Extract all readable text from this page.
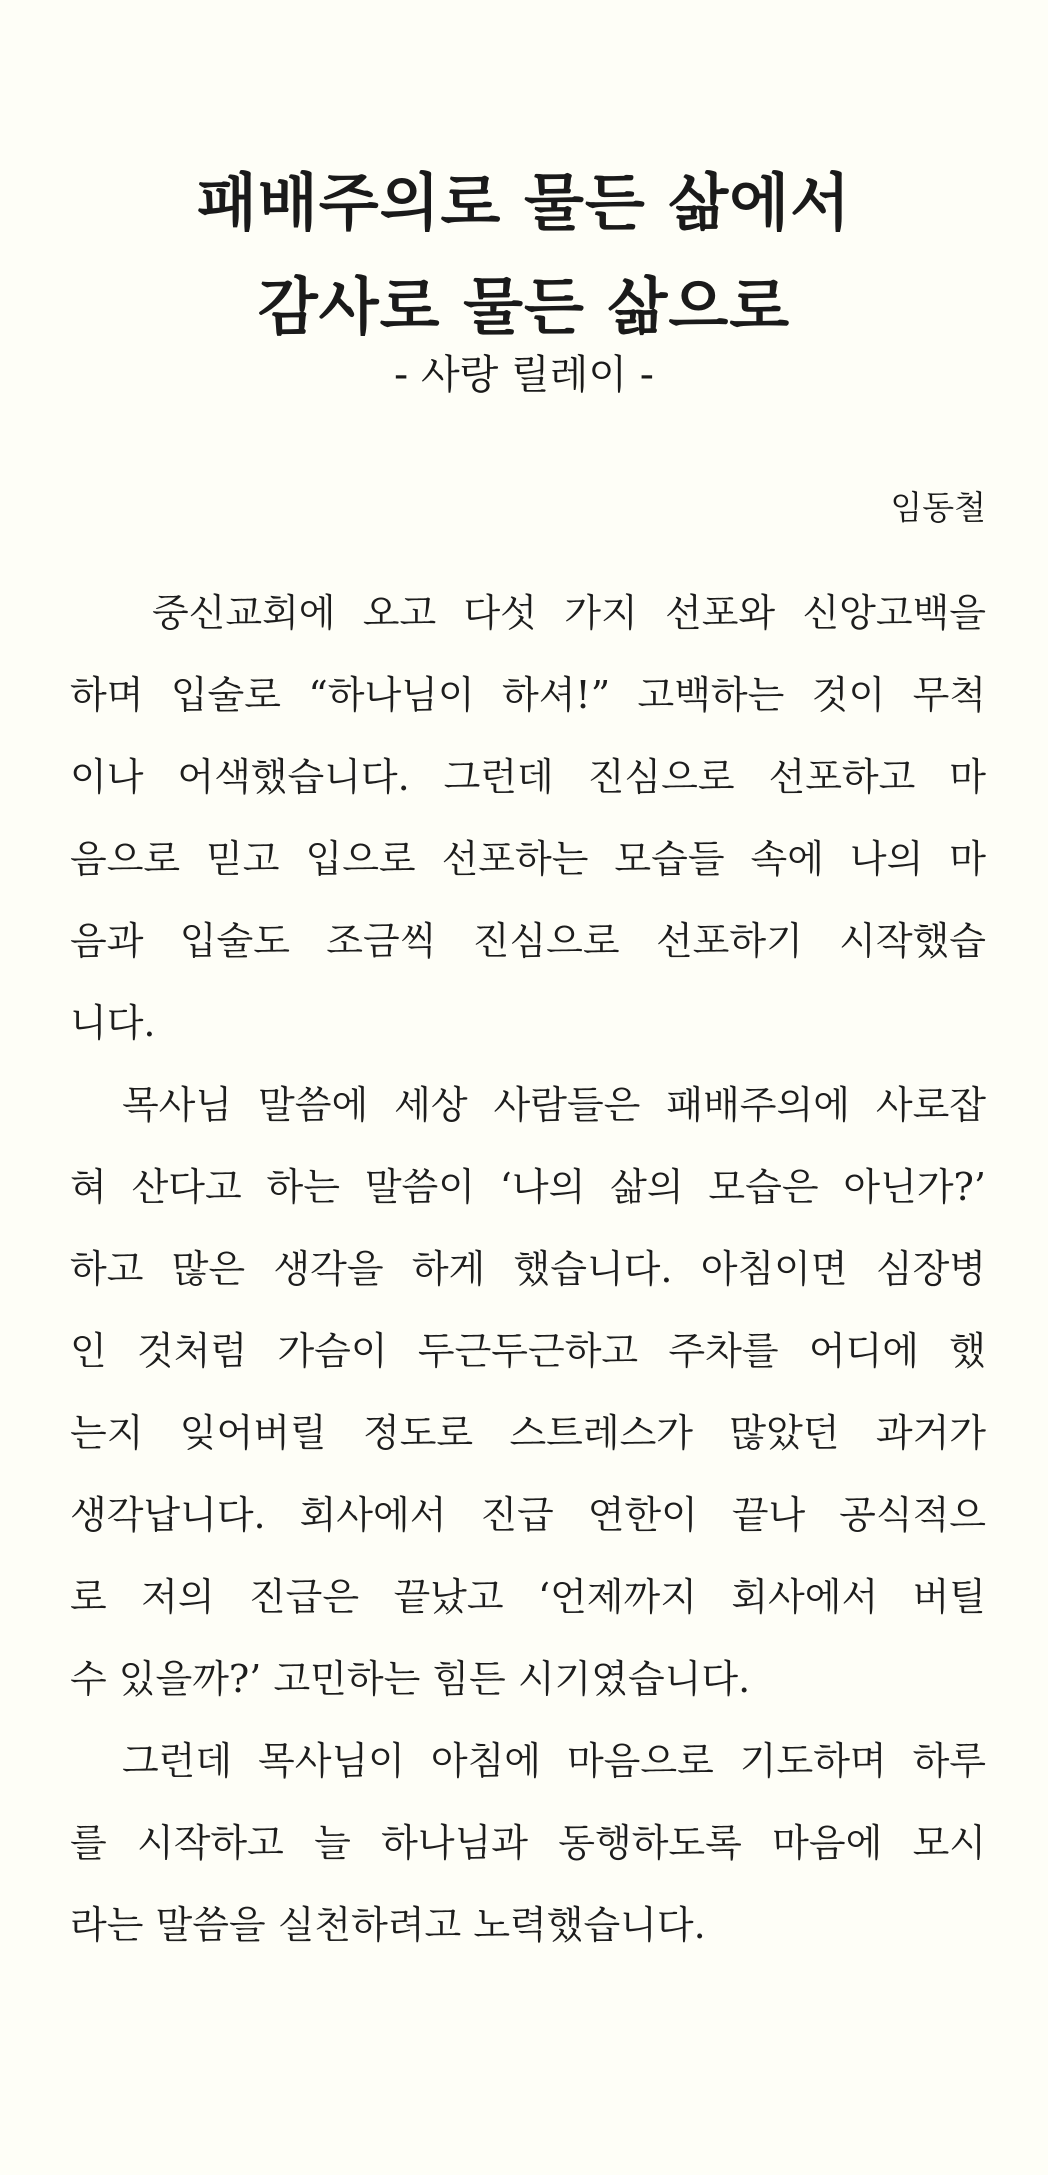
패배주의로 물든 삶에서
감사로 물든 삶으로
- 사랑 릴레이 -
임동철
중신교회에 오고 다섯 가지 선포와 신앙고백을
하며 입술로 “하나님이 하셔!” 고백하는 것이 무척
이나 어색했습니다. 그런데 진심으로 선포하고 마
음으로 믿고 입으로 선포하는 모습들 속에 나의 마
음과 입술도 조금씩 진심으로 선포하기 시작했습
니다.
목사님 말씀에 세상 사람들은 패배주의에 사로잡
혀 산다고 하는 말씀이 ‘나의 삶의 모습은 아닌가?’
하고 많은 생각을 하게 했습니다. 아침이면 심장병
인 것처럼 가슴이 두근두근하고 주차를 어디에 했
는지 잊어버릴 정도로 스트레스가 많았던 과거가
생각납니다. 회사에서 진급 연한이 끝나 공식적으
로 저의 진급은 끝났고 ‘언제까지 회사에서 버틸
수 있을까?’ 고민하는 힘든 시기였습니다.
그런데 목사님이 아침에 마음으로 기도하며 하루
를 시작하고 늘 하나님과 동행하도록 마음에 모시
라는 말씀을 실천하려고 노력했습니다.
